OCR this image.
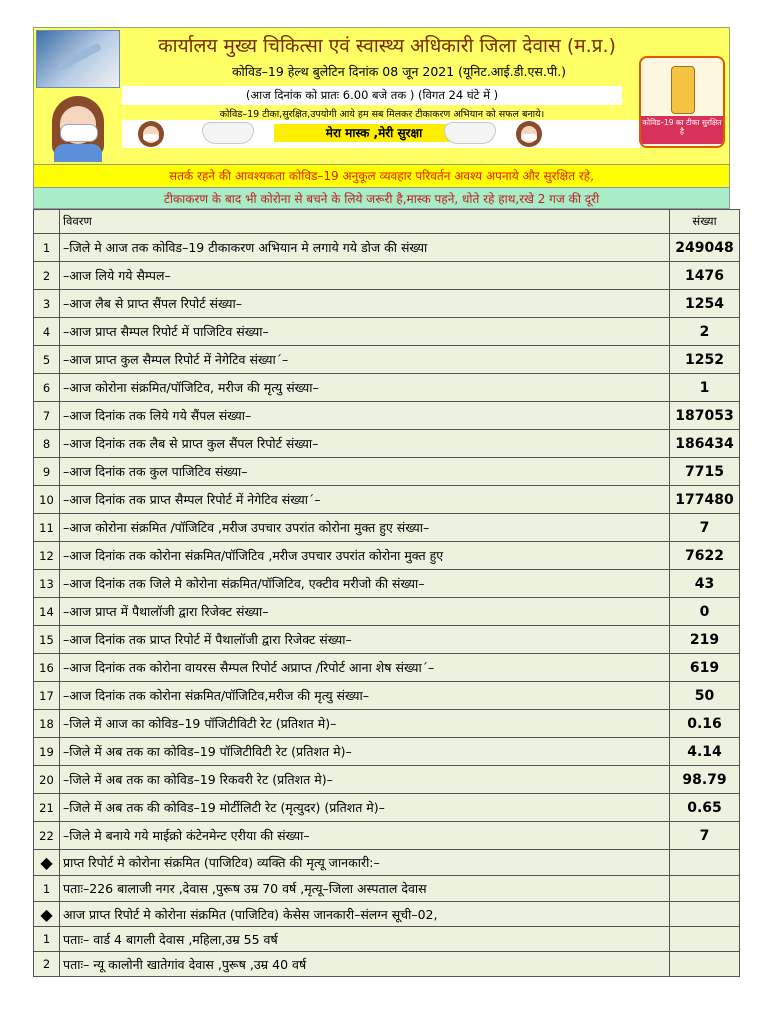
कार्यालय मुख्य चिकित्सा एवं स्वास्थ्य अधिकारी जिला देवास (म.प्र.)
कोविड–19 हेल्थ बुलेटिन दिनांक 08 जून 2021 (यूनिट.आई.डी.एस.पी.)
(आज दिनांक को प्रातः 6.00 बजे तक ) (विगत 24 घंटे में )
कोविड–19 टीका,सुरक्षित,उपयोगी आये हम सब मिलकर टीकाकरण अभियान को सफल बनाये।
मेरा मास्क ,मेरी सुरक्षा
कोविड–19 का टीका सुरक्षित है
सतर्क रहने की आवश्यकता कोविड–19 अनुकूल व्यवहार परिवर्तन अवश्य अपनाये और सुरक्षित रहे,
टीकाकरण के बाद भी कोरोना से बचने के लिये जरूरी है,मास्क पहने, धोते रहे हाथ,रखे 2 गज की दूरी
	विवरण	संख्या
1	–जिले मे आज तक कोविड–19 टीकाकरण अभियान मे लगाये गये डोज की संख्या	249048
2	–आज लिये गये सैम्पल–	1476
3	–आज लैब से प्राप्त सैंपल रिपोर्ट संख्या–	1254
4	–आज प्राप्त सैम्पल रिपोर्ट में पाजिटिव संख्या–	2
5	–आज प्राप्त कुल सैम्पल रिपोर्ट में नेगेटिव संख्या´–	1252
6	–आज कोरोना संक्रमित/पॉजिटिव, मरीज की मृत्यु संख्या–	1
7	–आज दिनांक तक लिये गये सैंपल संख्या–	187053
8	–आज दिनांक तक लैब से प्राप्त कुल सैंपल रिपोर्ट संख्या–	186434
9	–आज दिनांक तक कुल पाजिटिव संख्या–	7715
10	–आज दिनांक तक प्राप्त सैम्पल रिपोर्ट में नेगेटिव संख्या´–	177480
11	–आज कोरोना संक्रमित /पॉजिटिव ,मरीज उपचार उपरांत कोरोना मुक्त हुए संख्या–	7
12	–आज दिनांक तक कोरोना संक्रमित/पॉजिटिव ,मरीज उपचार उपरांत कोरोना मुक्त हुए	7622
13	–आज दिनांक तक जिले मे कोरोना संक्रमित/पॉजिटिव, एक्टीव मरीजो की संख्या–	43
14	–आज प्राप्त में पैथालॉजी द्वारा रिजेक्ट संख्या–	0
15	–आज दिनांक तक प्राप्त रिपोर्ट में पैथालॉजी द्वारा रिजेक्ट संख्या–	219
16	–आज दिनांक तक कोरोना वायरस सैम्पल रिपोर्ट अप्राप्त /रिपोर्ट आना शेष संख्या´–	619
17	–आज दिनांक तक कोरोना संक्रमित/पॉजिटिव,मरीज की मृत्यु संख्या–	50
18	–जिले में आज का कोविड–19 पॉजिटीविटी रेट (प्रतिशत मे)–	0.16
19	–जिले में अब तक का कोविड–19 पॉजिटीविटी रेट (प्रतिशत मे)–	4.14
20	–जिले में अब तक का कोविड–19 रिकवरी रेट (प्रतिशत मे)–	98.79
21	–जिले में अब तक की कोविड–19 मोर्टीलिटी रेट (मृत्युदर) (प्रतिशत मे)–	0.65
22	–जिले मे बनाये गये माईक्रो कंटेनमेन्ट एरीया की संख्या–	7
◆	प्राप्त रिपोर्ट मे कोरोना संक्रमित (पाजिटिव) व्यक्ति की मृत्यू जानकारी:–	
1	पताः–226 बालाजी नगर ,देवास ,पुरूष उम्र 70 वर्ष ,मृत्यू–जिला अस्पताल देवास	
◆	आज प्राप्त रिपोर्ट मे कोरोना संक्रमित (पाजिटिव) केसेस जानकारी–संलग्न सूची–02,	
1	पताः– वार्ड 4 बागली देवास ,महिला,उम्र 55 वर्ष	
2	पताः– न्यू कालोनी खातेगांव देवास ,पुरूष ,उम्र 40 वर्ष	
